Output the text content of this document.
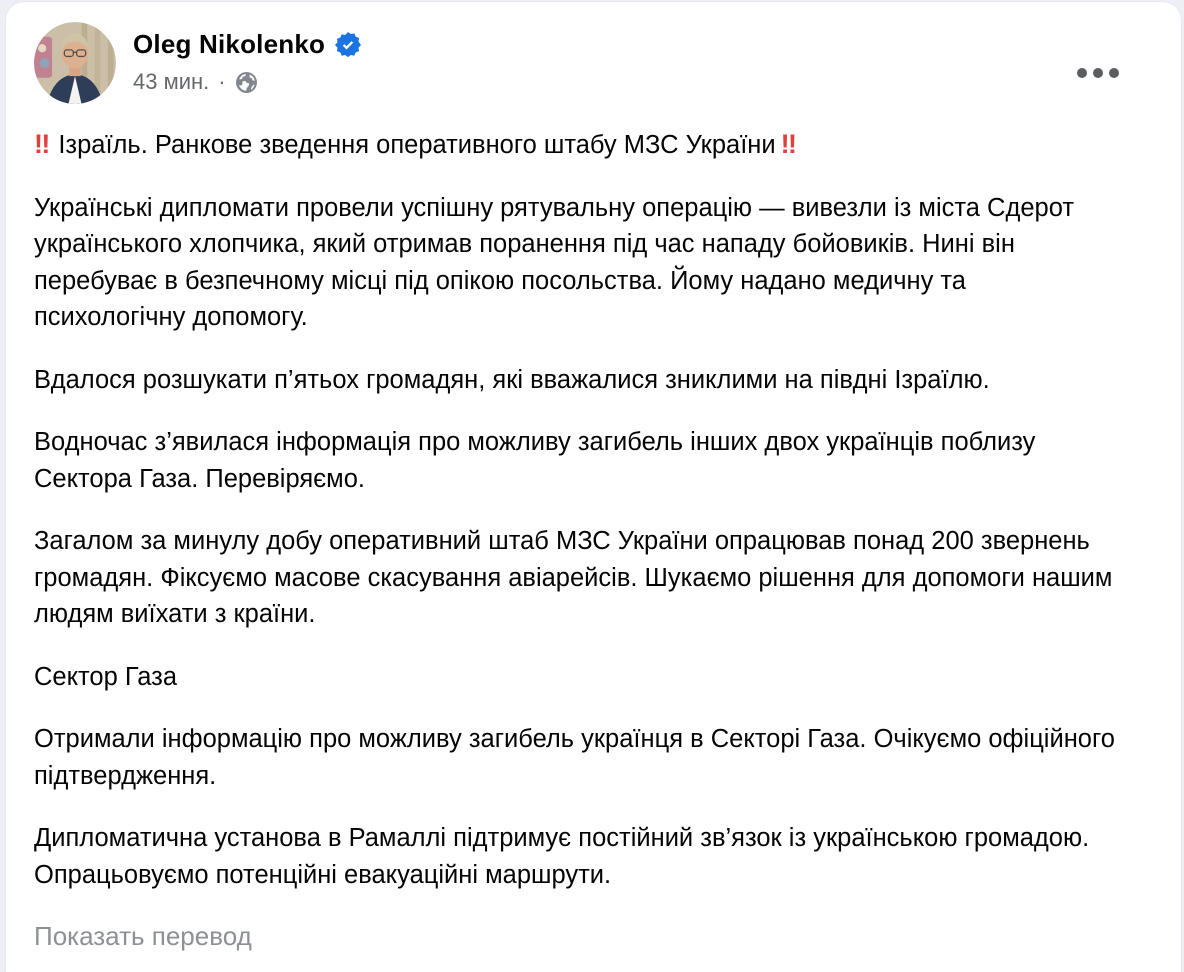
Oleg Nikolenko
43 мин. ·

‼ Ізраїль. Ранкове зведення оперативного штабу МЗС України ‼

Українські дипломати провели успішну рятувальну операцію — вивезли із міста Сдерот українського хлопчика, який отримав поранення під час нападу бойовиків. Нині він перебуває в безпечному місці під опікою посольства. Йому надано медичну та психологічну допомогу.

Вдалося розшукати п’ятьох громадян, які вважалися зниклими на півдні Ізраїлю.

Водночас з’явилася інформація про можливу загибель інших двох українців поблизу Сектора Газа. Перевіряємо.

Загалом за минулу добу оперативний штаб МЗС України опрацював понад 200 звернень громадян. Фіксуємо масове скасування авіарейсів. Шукаємо рішення для допомоги нашим людям виїхати з країни.

Сектор Газа

Отримали інформацію про можливу загибель українця в Секторі Газа. Очікуємо офіційного підтвердження.

Дипломатична установа в Рамаллі підтримує постійний зв’язок із українською громадою. Опрацьовуємо потенційні евакуаційні маршрути.

Показать перевод
